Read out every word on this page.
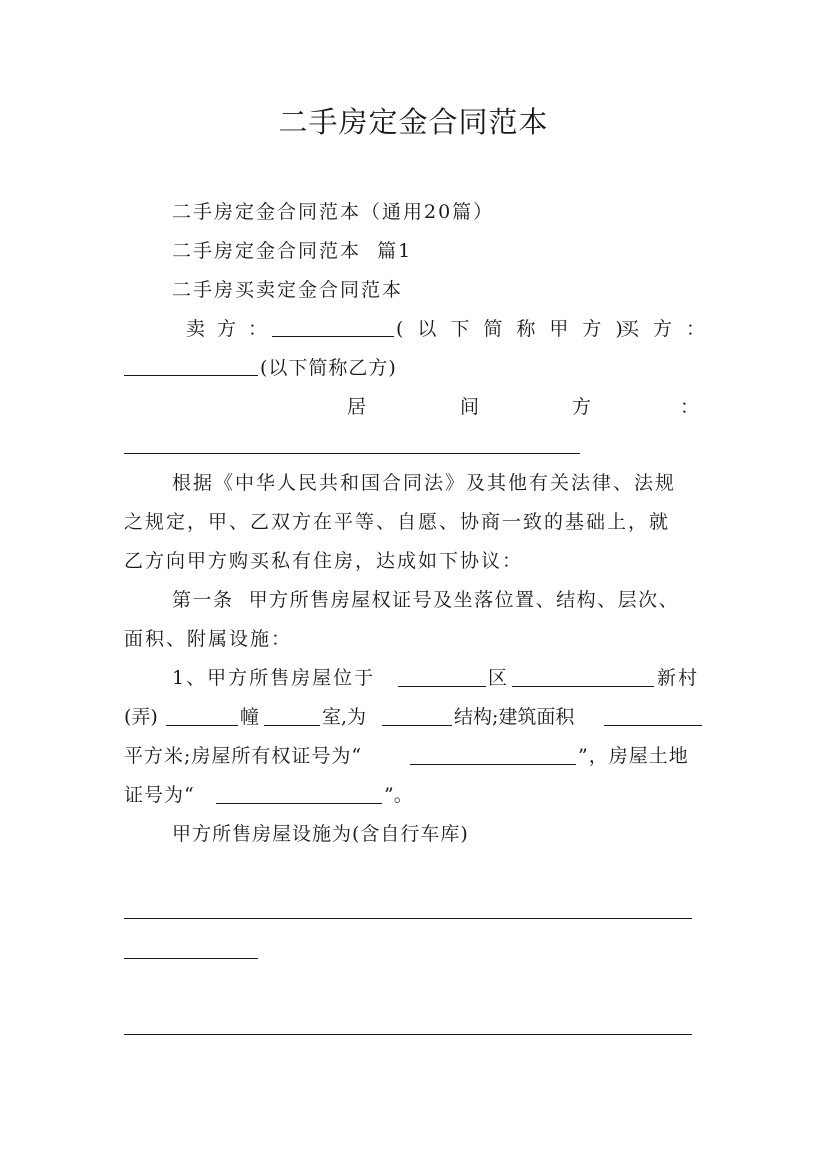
二手房定金合同范本
二手房定金合同范本（通用20篇）
二手房定金合同范本  篇1
二手房买卖定金合同范本
卖方：	(以下简称甲方)
买方：
(以下简称乙方)
居	间	方	：
根据《中华人民共和国合同法》及其他有关法律、法规
之规定，甲、乙双方在平等、自愿、协商一致的基础上，就
乙方向甲方购买私有住房，达成如下协议：
第一条  甲方所售房屋权证号及坐落位置、结构、层次、
面积、附属设施：
1、甲方所售房屋位于	区	新村
(弄)	幢	室,为	结构;建筑面积
平方米;房屋所有权证号为“	”，房屋土地
证号为“	”。
甲方所售房屋设施为(含自行车库)
